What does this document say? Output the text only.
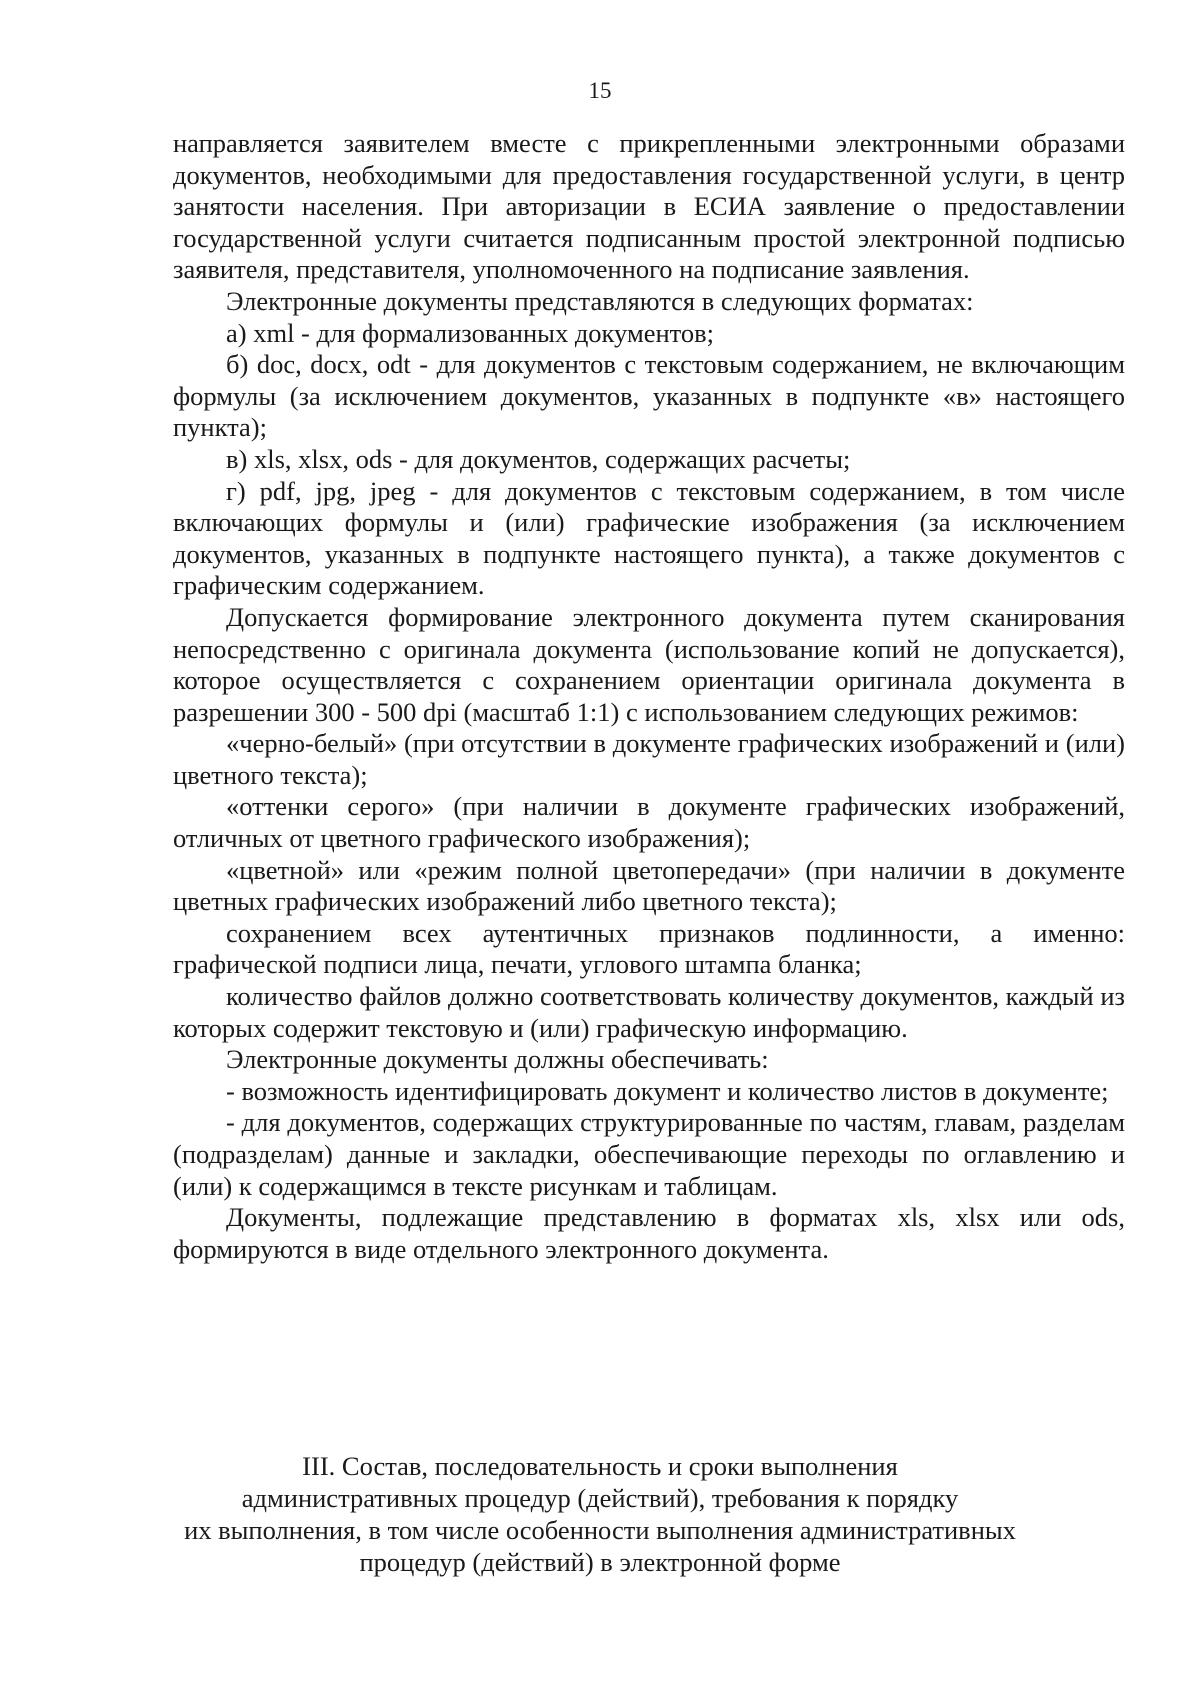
15

направляется заявителем вместе с прикрепленными электронными образами документов, необходимыми для предоставления государственной услуги, в центр занятости населения. При авторизации в ЕСИА заявление о предоставлении государственной услуги считается подписанным простой электронной подписью заявителя, представителя, уполномоченного на подписание заявления.

Электронные документы представляются в следующих форматах:

а) xml - для формализованных документов;

б) doc, docx, odt - для документов с текстовым содержанием, не включающим формулы (за исключением документов, указанных в подпункте «в» настоящего пункта);

в) xls, xlsx, ods - для документов, содержащих расчеты;

г) pdf, jpg, jpeg - для документов с текстовым содержанием, в том числе включающих формулы и (или) графические изображения (за исключением документов, указанных в подпункте настоящего пункта), а также документов с графическим содержанием.

Допускается формирование электронного документа путем сканирования непосредственно с оригинала документа (использование копий не допускается), которое осуществляется с сохранением ориентации оригинала документа в разрешении 300 - 500 dpi (масштаб 1:1) с использованием следующих режимов:

«черно-белый» (при отсутствии в документе графических изображений и (или) цветного текста);

«оттенки серого» (при наличии в документе графических изображений, отличных от цветного графического изображения);

«цветной» или «режим полной цветопередачи» (при наличии в документе цветных графических изображений либо цветного текста);

сохранением всех аутентичных признаков подлинности, а именно: графической подписи лица, печати, углового штампа бланка;

количество файлов должно соответствовать количеству документов, каждый из которых содержит текстовую и (или) графическую информацию.

Электронные документы должны обеспечивать:

- возможность идентифицировать документ и количество листов в документе;

- для документов, содержащих структурированные по частям, главам, разделам (подразделам) данные и закладки, обеспечивающие переходы по оглавлению и (или) к содержащимся в тексте рисункам и таблицам.

Документы, подлежащие представлению в форматах xls, xlsx или ods, формируются в виде отдельного электронного документа.

III. Состав, последовательность и сроки выполнения
административных процедур (действий), требования к порядку
их выполнения, в том числе особенности выполнения административных
процедур (действий) в электронной форме
